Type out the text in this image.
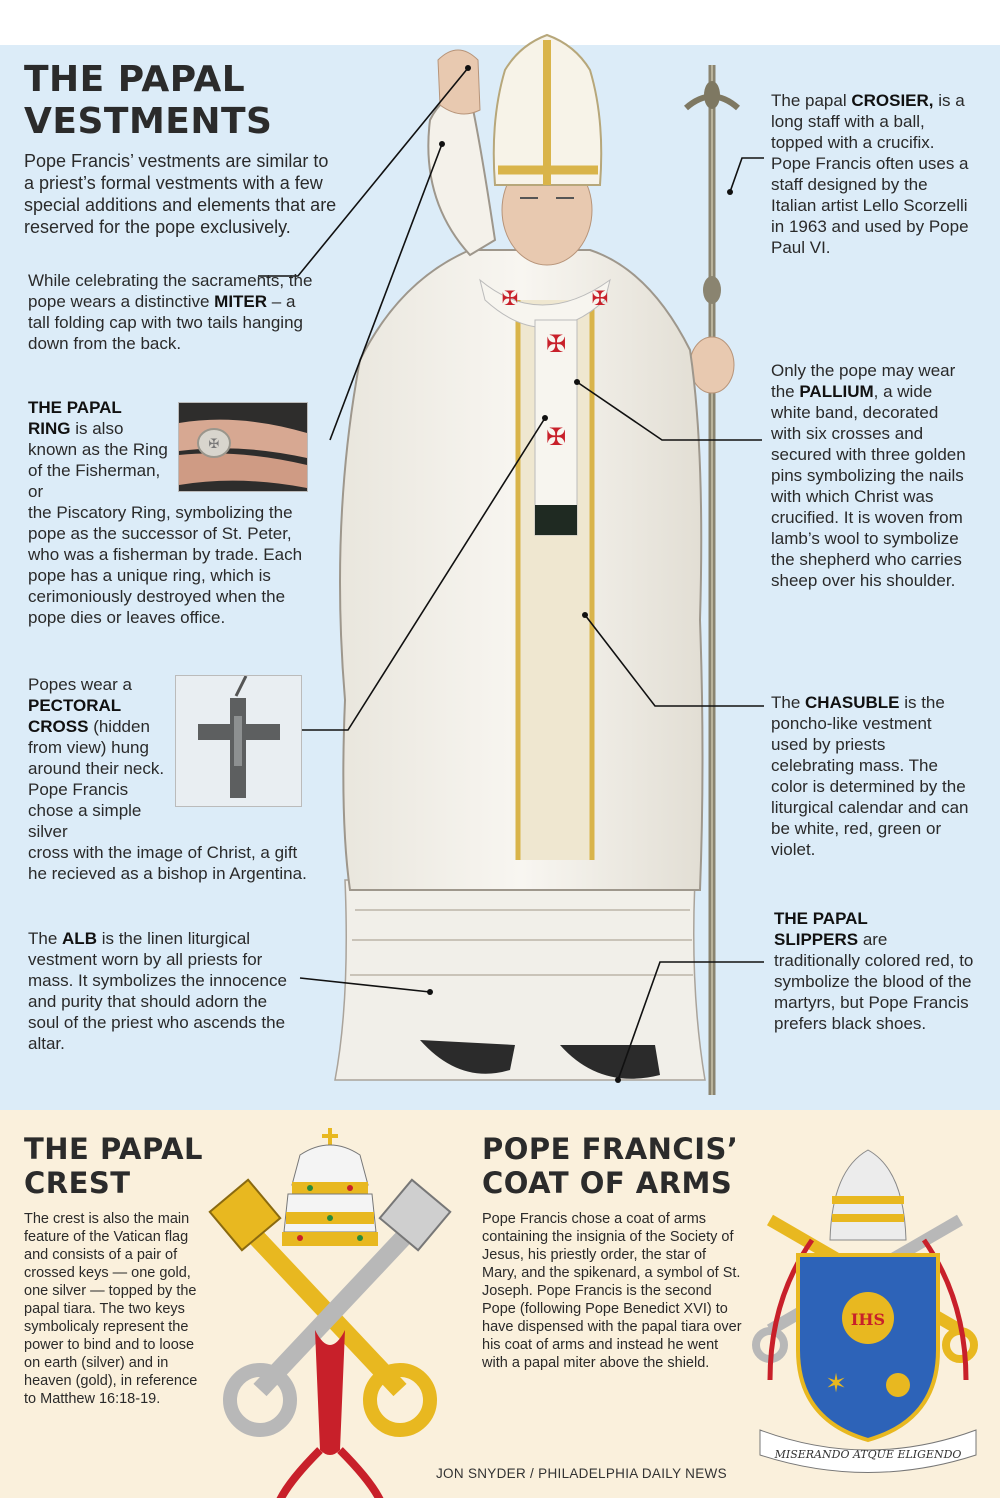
✠
✠
✠	✠
THE PAPAL
VESTMENTS
Pope Francis’ vestments are similar to a priest’s formal vestments with a few special additions and elements that are reserved for the pope exclusively.
While celebrating the sacraments, the pope wears a distinctive MITER – a tall folding cap with two tails hanging down from the back.
THE PAPAL
RING is also known as the Ring of the Fisherman, or
the Piscatory Ring, symbolizing the pope as the successor of St. Peter, who was a fisherman by trade. Each pope has a unique ring, which is cerimoniously destroyed when the pope dies or leaves office.
✠
Popes wear a PECTORAL
CROSS (hidden from view) hung around their neck. Pope Francis chose a simple silver
cross with the image of Christ, a gift he recieved as a bishop in Argentina.
The ALB is the linen liturgical vestment worn by all priests for mass. It symbolizes the innocence and purity that should adorn the soul of the priest who ascends the altar.
The papal CROSIER, is a long staff with a ball, topped with a crucifix. Pope Francis often uses a staff designed by the Italian artist Lello Scorzelli in 1963 and used by Pope Paul VI.
Only the pope may wear the PALLIUM, a wide white band, decorated with six crosses and secured with three golden pins symbolizing the nails with which Christ was crucified. It is woven from lamb’s wool to symbolize the shepherd who carries sheep over his shoulder.
The CHASUBLE is the poncho-like vestment used by priests celebrating mass. The color is determined by the liturgical calendar and can be white, red, green or violet.
THE PAPAL
SLIPPERS are traditionally colored red, to symbolize the blood of the martyrs, but Pope Francis prefers black shoes.
THE PAPAL
CREST
The crest is also the main feature of the Vatican flag and consists of a pair of crossed keys — one gold, one silver — topped by the papal tiara. The two keys symbolicaly represent the power to bind and to loose on earth (silver) and in heaven (gold), in reference to Matthew 16:18-19.
POPE FRANCIS’
COAT OF ARMS
Pope Francis chose a coat of arms containing the insignia of the Society of Jesus, his priestly order, the star of Mary, and the spikenard, a symbol of St. Joseph. Pope Francis is the second Pope (following Pope Benedict XVI) to have dispensed with the papal tiara over his coat of arms and instead he went with a papal miter above the shield.
IHS
✶
MISERANDO ATQUE ELIGENDO
JON SNYDER / PHILADELPHIA DAILY NEWS
